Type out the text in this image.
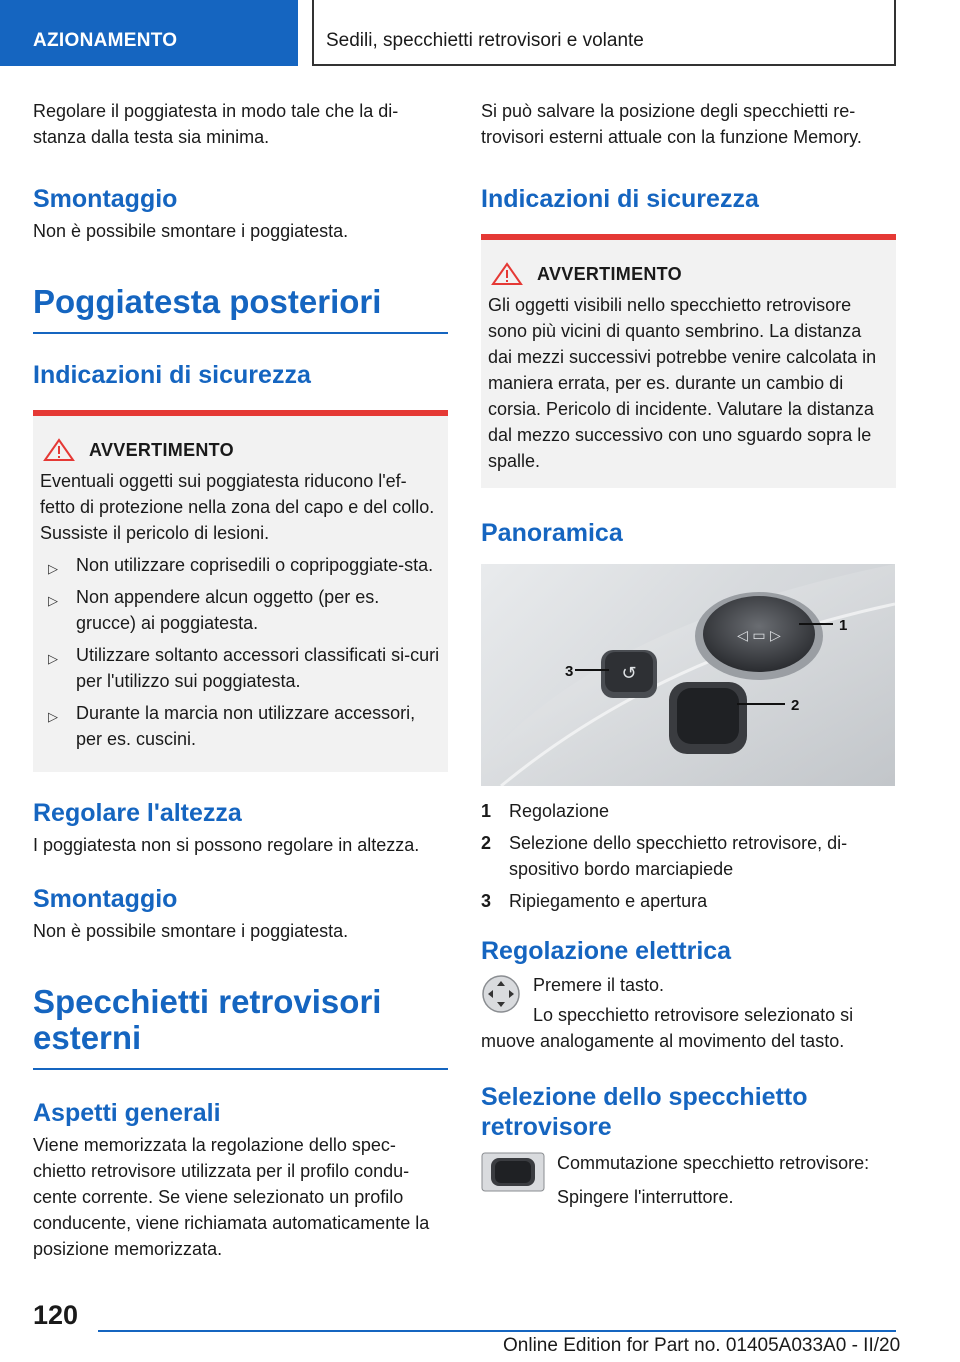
AZIONAMENTO	Sedili, specchietti retrovisori e volante

Regolare il poggiatesta in modo tale che la di-stanza dalla testa sia minima.

Smontaggio

Non è possibile smontare i poggiatesta.

Poggiatesta posteriori
Indicazioni di sicurezza
AVVERTIMENTO
Eventuali oggetti sui poggiatesta riducono l'ef-fetto di protezione nella zona del capo e del collo. Sussiste il pericolo di lesioni.
▷ Non utilizzare coprisedili o copripoggiate-sta.
▷ Non appendere alcun oggetto (per es. grucce) ai poggiatesta.
▷ Utilizzare soltanto accessori classificati si-curi per l'utilizzo sui poggiatesta.
▷ Durante la marcia non utilizzare accessori, per es. cuscini.
Regolare l'altezza

I poggiatesta non si possono regolare in altezza.

Smontaggio

Non è possibile smontare i poggiatesta.

Specchietti retrovisori esterni
Aspetti generali

Viene memorizzata la regolazione dello spec-chietto retrovisore utilizzata per il profilo condu-cente corrente. Se viene selezionato un profilo conducente, viene richiamata automaticamente la posizione memorizzata.

Si può salvare la posizione degli specchietti re-trovisori esterni attuale con la funzione Memory.

Indicazioni di sicurezza
AVVERTIMENTO
Gli oggetti visibili nello specchietto retrovisore sono più vicini di quanto sembrino. La distanza dai mezzi successivi potrebbe venire calcolata in maniera errata, per es. durante un cambio di corsia. Pericolo di incidente. Valutare la distanza dal mezzo successivo con uno sguardo sopra le spalle.
Panoramica
◁ ▭ ▷
↺
1
2
3
1 Regolazione
2 Selezione dello specchietto retrovisore, di-spositivo bordo marciapiede
3 Ripiegamento e apertura
Regolazione elettrica

Premere il tasto.

Lo specchietto retrovisore selezionato si muove analogamente al movimento del tasto.

Selezione dello specchietto retrovisore

Commutazione specchietto retrovisore:

Spingere l'interruttore.

120
Online Edition for Part no. 01405A033A0 - II/20
